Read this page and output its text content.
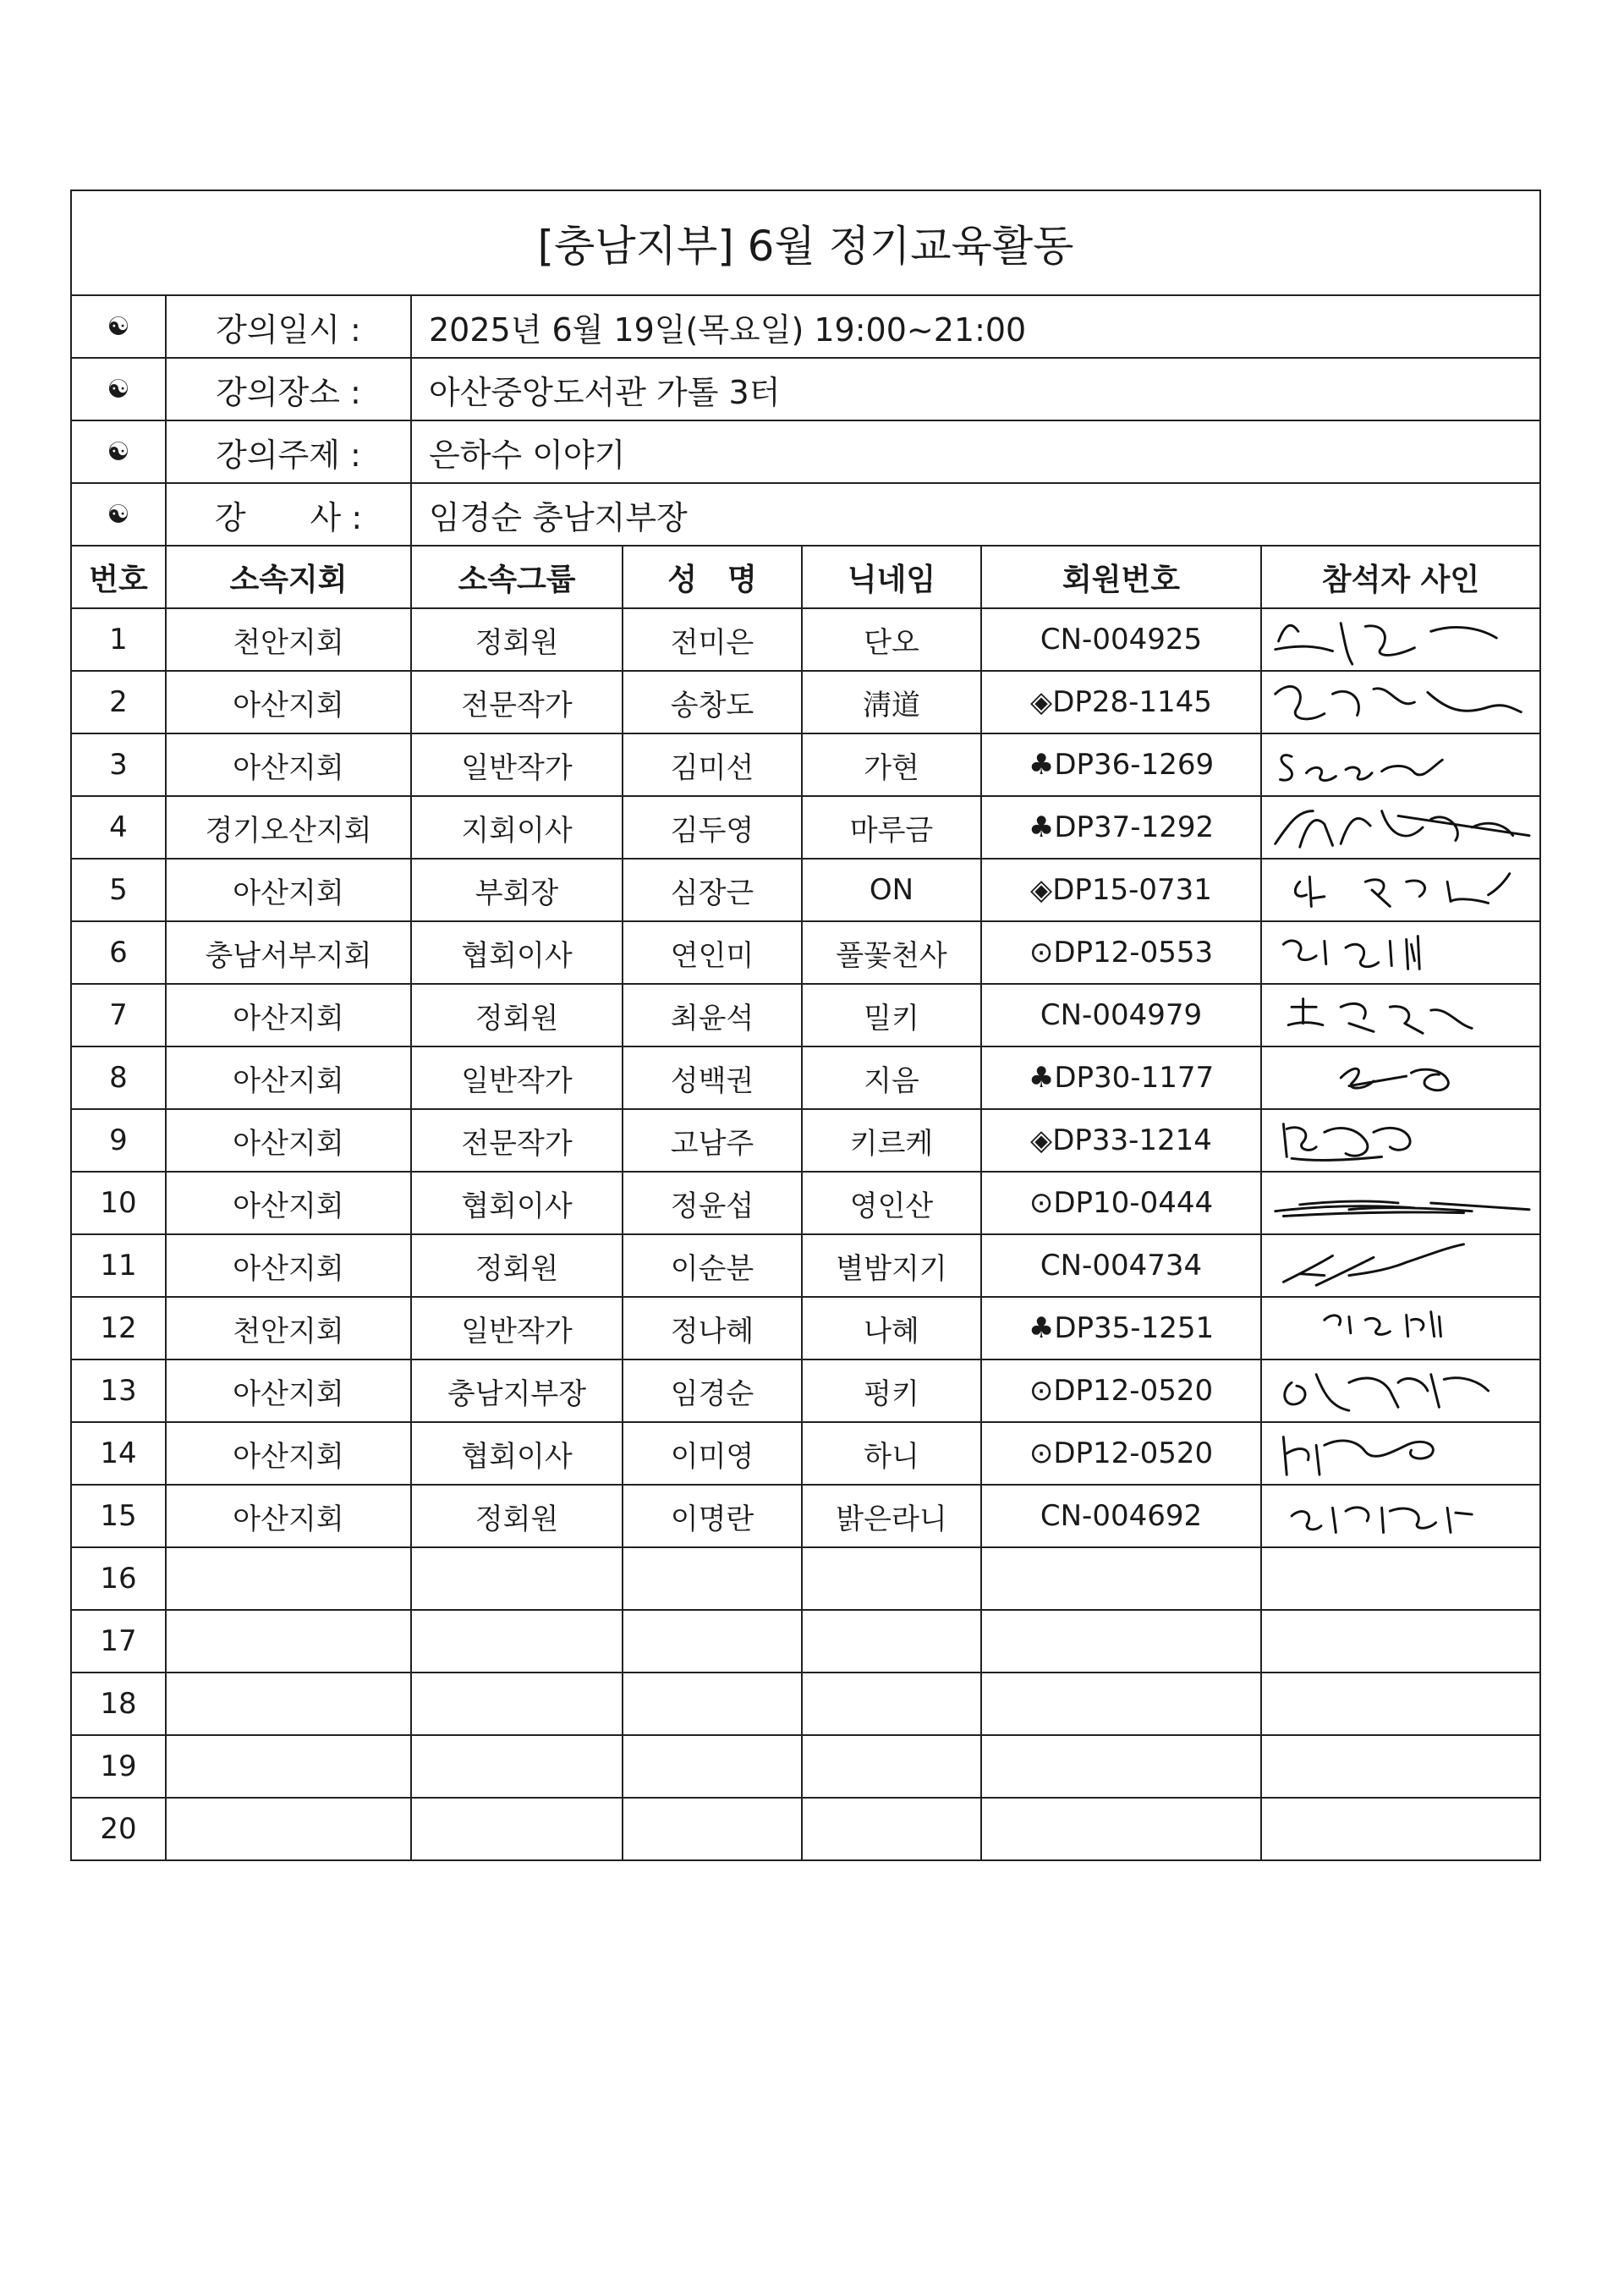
[충남지부] 6월 정기교육활동						
☯	강의일시 :	2025년 6월 19일(목요일) 19:00~21:00				
☯	강의장소 :	아산중앙도서관 가톨 3터				
☯	강의주제 :	은하수 이야기				
☯	강　　사 :	임경순 충남지부장				
번호	소속지회	소속그룹	성　명	닉네임	회원번호	참석자 사인
1	천안지회	정회원	전미은	단오	CN-004925	

2	아산지회	전문작가	송창도	淸道	◈DP28-1145	

3	아산지회	일반작가	김미선	가현	♣DP36-1269	

4	경기오산지회	지회이사	김두영	마루금	♣DP37-1292	

5	아산지회	부회장	심장근	ON	◈DP15-0731	

6	충남서부지회	협회이사	연인미	풀꽃천사	⊙DP12-0553	

7	아산지회	정회원	최윤석	밀키	CN-004979	

8	아산지회	일반작가	성백권	지음	♣DP30-1177	

9	아산지회	전문작가	고남주	키르케	◈DP33-1214	

10	아산지회	협회이사	정윤섭	영인산	⊙DP10-0444	

11	아산지회	정회원	이순분	별밤지기	CN-004734	

12	천안지회	일반작가	정나혜	나혜	♣DP35-1251	

13	아산지회	충남지부장	임경순	펑키	⊙DP12-0520	

14	아산지회	협회이사	이미영	하니	⊙DP12-0520	

15	아산지회	정회원	이명란	밝은라니	CN-004692	

16						
17						
18						
19						
20						
